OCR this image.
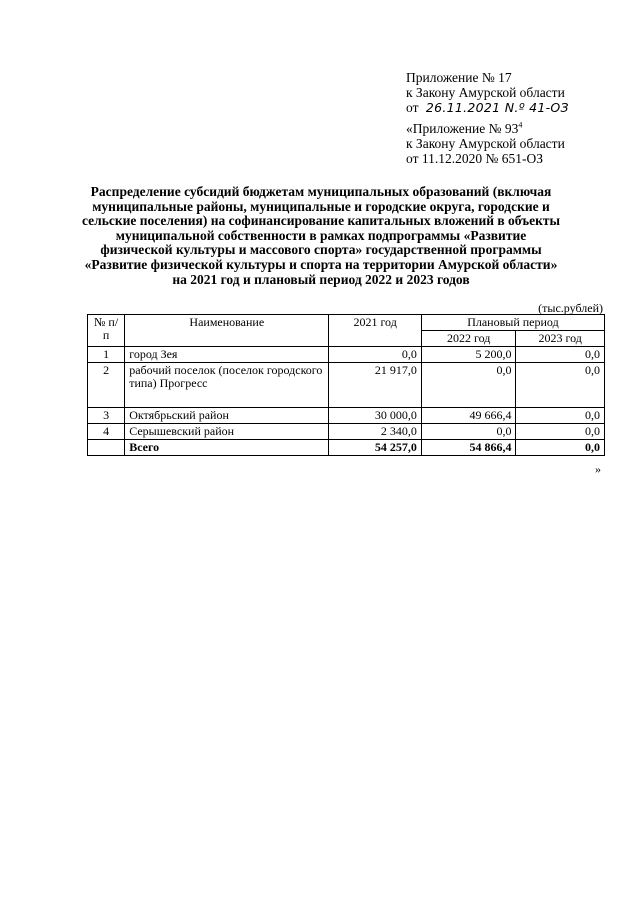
Приложение № 17
к Закону Амурской области
от 26.11.2021 N.º 41-ОЗ
«Приложение № $93^4$
к Закону Амурской области
от 11.12.2020 № 651-ОЗ
Распределение субсидий бюджетам муниципальных образований (включая муниципальные районы, муниципальные и городские округа, городские и сельские поселения) на софинансирование капитальных вложений в объекты муниципальной собственности в рамках подпрограммы «Развитие физической культуры и массового спорта» государственной программы «Развитие физической культуры и спорта на территории Амурской области» на 2021 год и плановый период 2022 и 2023 годов
(тыс.рублей)
№ п/п	Наименование	2021 год	Плановый период	
			2022 год	2023 год
1	город Зея	0,0	5 200,0	0,0
2	рабочий поселок (поселок городского типа) Прогресс	21 917,0	0,0	0,0
3	Октябрьский район	30 000,0	49 666,4	0,0
4	Серышевский район	2 340,0	0,0	0,0
	Всего	54 257,0	54 866,4	0,0
»
